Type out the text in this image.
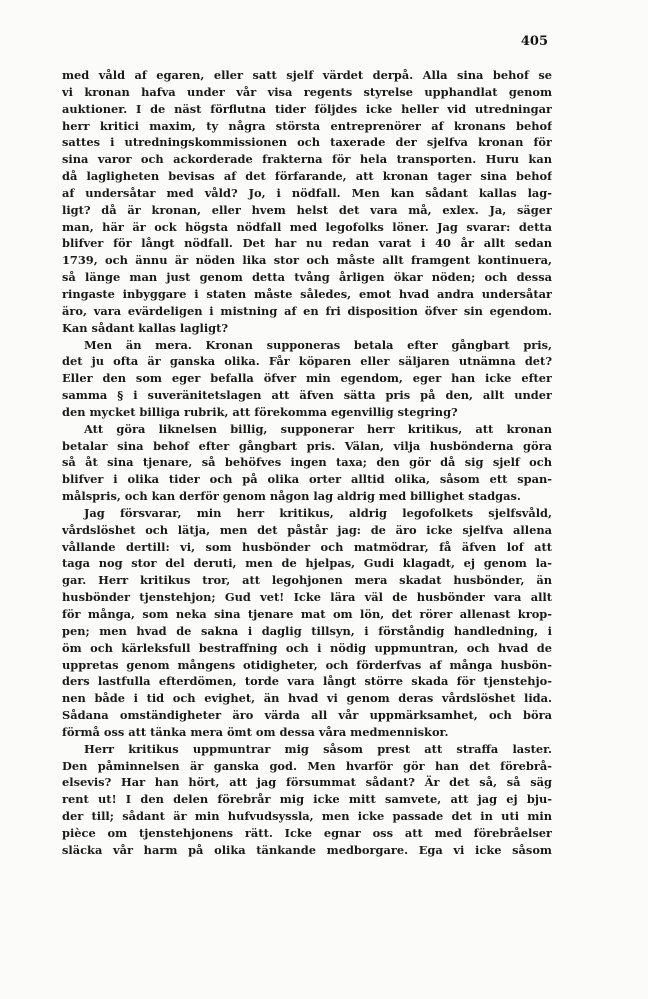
405
med våld af egaren, eller satt sjelf värdet derpå. Alla sina behof se
vi kronan hafva under vår visa regents styrelse upphandlat genom
auktioner. I de näst förflutna tider följdes icke heller vid utredningar
herr kritici maxim, ty några största entreprenörer af kronans behof
sattes i utredningskommissionen och taxerade der sjelfva kronan för
sina varor och ackorderade frakterna för hela transporten. Huru kan
då lagligheten bevisas af det förfarande, att kronan tager sina behof
af undersåtar med våld? Jo, i nödfall. Men kan sådant kallas lag-
ligt? då är kronan, eller hvem helst det vara må, exlex. Ja, säger
man, här är ock högsta nödfall med legofolks löner. Jag svarar: detta
blifver för långt nödfall. Det har nu redan varat i 40 år allt sedan
1739, och ännu är nöden lika stor och måste allt framgent kontinuera,
så länge man just genom detta tvång årligen ökar nöden; och dessa
ringaste inbyggare i staten måste således, emot hvad andra undersåtar
äro, vara evärdeligen i mistning af en fri disposition öfver sin egendom.
Kan sådant kallas lagligt?
Men än mera. Kronan supponeras betala efter gångbart pris,
det ju ofta är ganska olika. Får köparen eller säljaren utnämna det?
Eller den som eger befalla öfver min egendom, eger han icke efter
samma § i suveränitetslagen att äfven sätta pris på den, allt under
den mycket billiga rubrik, att förekomma egenvillig stegring?
Att göra liknelsen billig, supponerar herr kritikus, att kronan
betalar sina behof efter gångbart pris. Välan, vilja husbönderna göra
så åt sina tjenare, så behöfves ingen taxa; den gör då sig sjelf och
blifver i olika tider och på olika orter alltid olika, såsom ett span-
målspris, och kan derför genom någon lag aldrig med billighet stadgas.
Jag försvarar, min herr kritikus, aldrig legofolkets sjelfsvåld,
vårdslöshet och lätja, men det påstår jag: de äro icke sjelfva allena
vållande dertill: vi, som husbönder och matmödrar, få äfven lof att
taga nog stor del deruti, men de hjelpas, Gudi klagadt, ej genom la-
gar. Herr kritikus tror, att legohjonen mera skadat husbönder, än
husbönder tjenstehjon; Gud vet! Icke lära väl de husbönder vara allt
för många, som neka sina tjenare mat om lön, det rörer allenast krop-
pen; men hvad de sakna i daglig tillsyn, i förståndig handledning, i
öm och kärleksfull bestraffning och i nödig uppmuntran, och hvad de
uppretas genom mångens otidigheter, och förderfvas af många husbön-
ders lastfulla efterdömen, torde vara långt större skada för tjenstehjo-
nen både i tid och evighet, än hvad vi genom deras vårdslöshet lida.
Sådana omständigheter äro värda all vår uppmärksamhet, och böra
förmå oss att tänka mera ömt om dessa våra medmenniskor.
Herr kritikus uppmuntrar mig såsom prest att straffa laster.
Den påminnelsen är ganska god. Men hvarför gör han det förebrå-
elsevis? Har han hört, att jag försummat sådant? Är det så, så säg
rent ut! I den delen förebrår mig icke mitt samvete, att jag ej bju-
der till; sådant är min hufvudsyssla, men icke passade det in uti min
pièce om tjenstehjonens rätt. Icke egnar oss att med förebråelser
släcka vår harm på olika tänkande medborgare. Ega vi icke såsom
